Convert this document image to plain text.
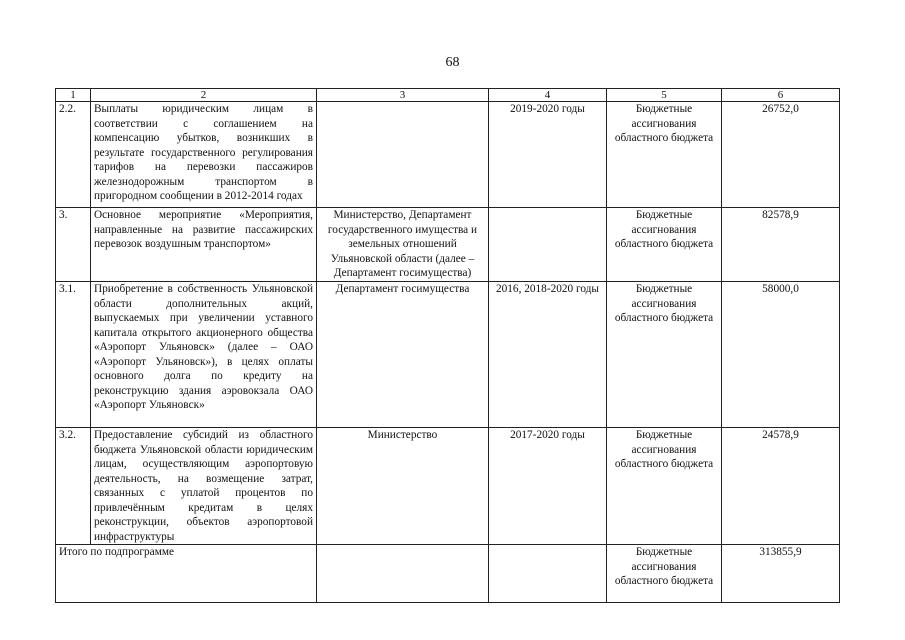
68
1	2	3	4	5	6
2.2.	Выплаты юридическим лицам в соответствии с соглашением на компенсацию убытков, возникших в результате государственного регулирования тарифов на перевозки пассажиров железнодорожным транспортом в пригородном сообщении в 2012-2014 годах		2019-2020 годы	Бюджетные ассигнования областного бюджета	26752,0
3.	Основное мероприятие «Мероприятия, направленные на развитие пассажирских перевозок воздушным транспортом»	Министерство, Департамент государственного имущества и земельных отношений Ульяновской области (далее – Департамент госимущества)		Бюджетные ассигнования областного бюджета	82578,9
3.1.	Приобретение в собственность Ульяновской области дополнительных акций, выпускаемых при увеличении уставного капитала открытого акционерного общества «Аэропорт Ульяновск» (далее – ОАО «Аэропорт Ульяновск»), в целях оплаты основного долга по кредиту на реконструкцию здания аэровокзала ОАО «Аэропорт Ульяновск»	Департамент госимущества	2016, 2018-2020 годы	Бюджетные ассигнования областного бюджета	58000,0
3.2.	Предоставление субсидий из областного бюджета Ульяновской области юридическим лицам, осуществляющим аэропортовую деятельность, на возмещение затрат, связанных с уплатой процентов по привлечённым кредитам в целях реконструкции, объектов аэропортовой инфраструктуры	Министерство	2017-2020 годы	Бюджетные ассигнования областного бюджета	24578,9
Итого по подпрограмме				Бюджетные ассигнования областного бюджета	313855,9
